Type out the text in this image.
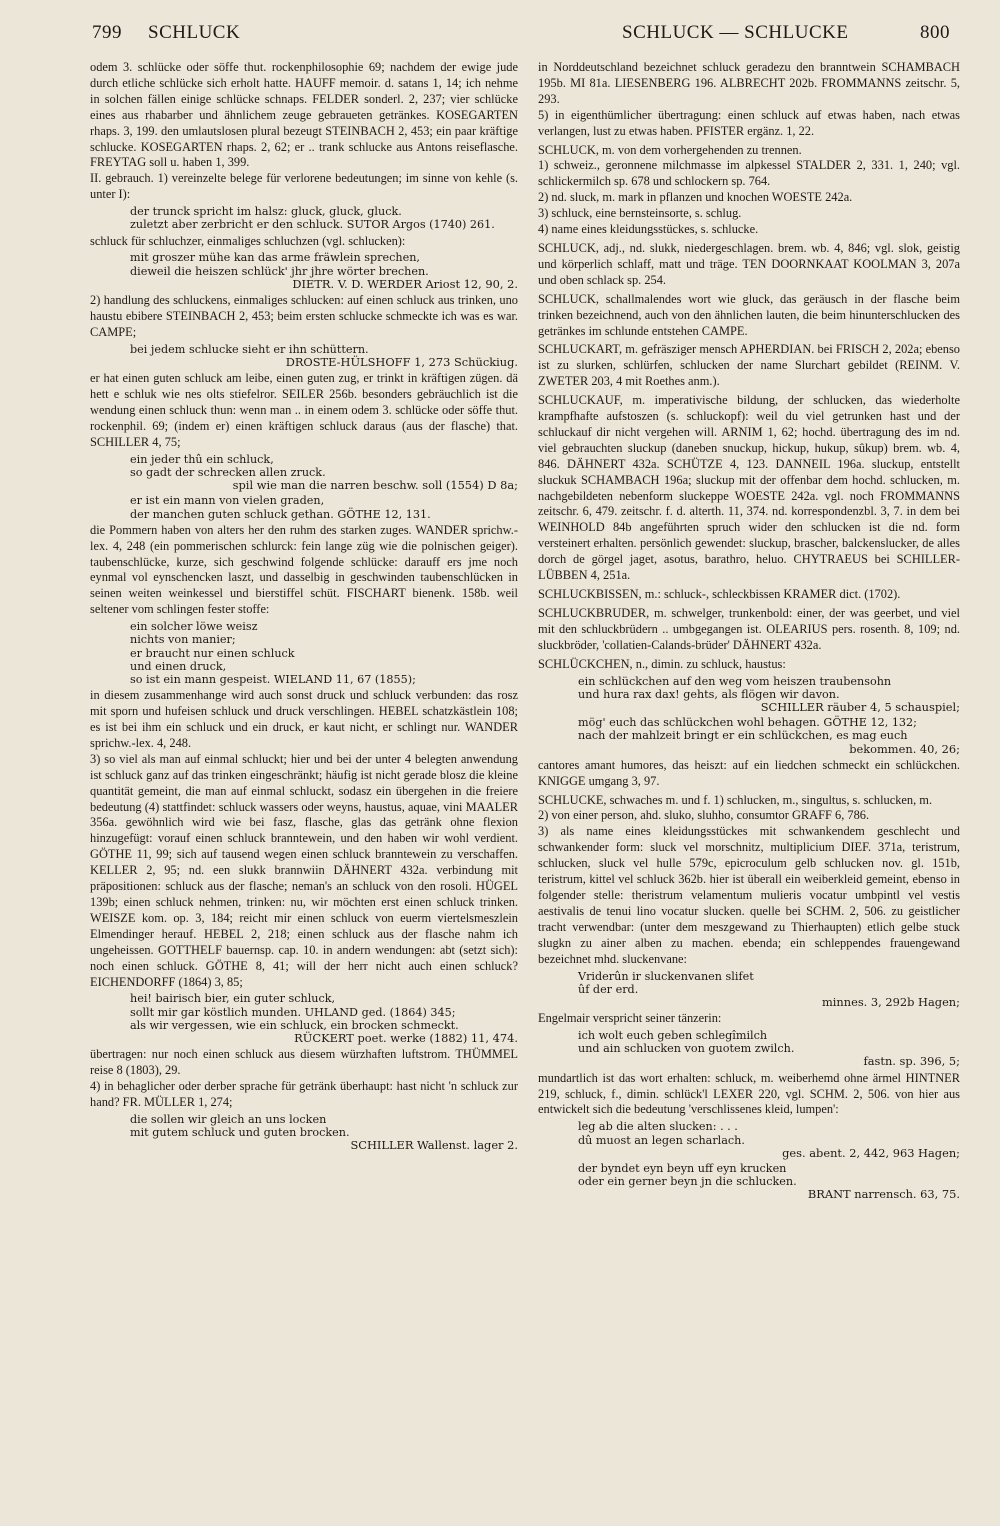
799 SCHLUCK	SCHLUCK — SCHLUCKE	800

odem 3. schlücke oder söffe thut. rockenphilosophie 69; nachdem der ewige jude durch etliche schlücke sich erholt hatte. HAUFF memoir. d. satans 1, 14; ich nehme in solchen fällen einige schlücke schnaps. FELDER sonderl. 2, 237; vier schlücke eines aus rhabarber und ähnlichem zeuge gebraueten getränkes. KOSEGARTEN rhaps. 3, 199. den umlautslosen plural bezeugt STEINBACH 2, 453; ein paar kräftige schlucke. KOSEGARTEN rhaps. 2, 62; er .. trank schlucke aus Antons reiseflasche. FREYTAG soll u. haben 1, 399.

II. gebrauch. 1) vereinzelte belege für verlorene bedeutungen; im sinne von kehle (s. unter I):

der trunck spricht im halsz: gluck, gluck, gluck.
zuletzt aber zerbricht er den schluck. SUTOR Argos (1740) 261.

schluck für schluchzer, einmaliges schluchzen (vgl. schlucken):

mit groszer mühe kan das arme fräwlein sprechen,
dieweil die heiszen schlück' jhr jhre wörter brechen.
DIETR. V. D. WERDER Ariost 12, 90, 2.

2) handlung des schluckens, einmaliges schlucken: auf einen schluck aus trinken, uno haustu ebibere STEINBACH 2, 453; beim ersten schlucke schmeckte ich was es war. CAMPE;

bei jedem schlucke sieht er ihn schüttern.
DROSTE-HÜLSHOFF 1, 273 Schückiug.

er hat einen guten schluck am leibe, einen guten zug, er trinkt in kräftigen zügen. dä hett e schluk wie nes olts stiefelror. SEILER 256b. besonders gebräuchlich ist die wendung einen schluck thun: wenn man .. in einem odem 3. schlücke oder söffe thut. rockenphil. 69; (indem er) einen kräftigen schluck daraus (aus der flasche) that. SCHILLER 4, 75;

ein jeder thû ein schluck,
so gadt der schrecken allen zruck.
spil wie man die narren beschw. soll (1554) D 8a;
er ist ein mann von vielen graden,
der manchen guten schluck gethan. GÖTHE 12, 131.

die Pommern haben von alters her den ruhm des starken zuges. WANDER sprichw.-lex. 4, 248 (ein pommerischen schlurck: fein lange züg wie die polnischen geiger). taubenschlücke, kurze, sich geschwind folgende schlücke: darauff ers jme noch eynmal vol eynschencken laszt, und dasselbig in geschwinden taubenschlücken in seinen weiten weinkessel und bierstiffel schüt. FISCHART bienenk. 158b. weil seltener vom schlingen fester stoffe:

ein solcher löwe weisz
nichts von manier;
er braucht nur einen schluck
und einen druck,
so ist ein mann gespeist. WIELAND 11, 67 (1855);

in diesem zusammenhange wird auch sonst druck und schluck verbunden: das rosz mit sporn und hufeisen schluck und druck verschlingen. HEBEL schatzkästlein 108; es ist bei ihm ein schluck und ein druck, er kaut nicht, er schlingt nur. WANDER sprichw.-lex. 4, 248.

3) so viel als man auf einmal schluckt; hier und bei der unter 4 belegten anwendung ist schluck ganz auf das trinken eingeschränkt; häufig ist nicht gerade blosz die kleine quantität gemeint, die man auf einmal schluckt, sodasz ein übergehen in die freiere bedeutung (4) stattfindet: schluck wassers oder weyns, haustus, aquae, vini MAALER 356a. gewöhnlich wird wie bei fasz, flasche, glas das getränk ohne flexion hinzugefügt: vorauf einen schluck branntewein, und den haben wir wohl verdient. GÖTHE 11, 99; sich auf tausend wegen einen schluck branntewein zu verschaffen. KELLER 2, 95; nd. een slukk brannwiin DÄHNERT 432a. verbindung mit präpositionen: schluck aus der flasche; neman's an schluck von den rosoli. HÜGEL 139b; einen schluck nehmen, trinken: nu, wir möchten erst einen schluck trinken. WEISZE kom. op. 3, 184; reicht mir einen schluck von euerm viertelsmeszlein Elmendinger herauf. HEBEL 2, 218; einen schluck aus der flasche nahm ich ungeheissen. GOTTHELF bauernsp. cap. 10. in andern wendungen: abt (setzt sich): noch einen schluck. GÖTHE 8, 41; will der herr nicht auch einen schluck? EICHENDORFF (1864) 3, 85;

hei! bairisch bier, ein guter schluck,
sollt mir gar köstlich munden. UHLAND ged. (1864) 345;
als wir vergessen, wie ein schluck, ein brocken schmeckt.
RÜCKERT poet. werke (1882) 11, 474.

übertragen: nur noch einen schluck aus diesem würzhaften luftstrom. THÜMMEL reise 8 (1803), 29.

4) in behaglicher oder derber sprache für getränk überhaupt: hast nicht 'n schluck zur hand? FR. MÜLLER 1, 274;

die sollen wir gleich an uns locken
mit gutem schluck und guten brocken.
SCHILLER Wallenst. lager 2.

in Norddeutschland bezeichnet schluck geradezu den branntwein SCHAMBACH 195b. MI 81a. LIESENBERG 196. ALBRECHT 202b. FROMMANNS zeitschr. 5, 293.

5) in eigenthümlicher übertragung: einen schluck auf etwas haben, nach etwas verlangen, lust zu etwas haben. PFISTER ergänz. 1, 22.

SCHLUCK, m. von dem vorhergehenden zu trennen.

1) schweiz., geronnene milchmasse im alpkessel STALDER 2, 331. 1, 240; vgl. schlickermilch sp. 678 und schlockern sp. 764.

2) nd. sluck, m. mark in pflanzen und knochen WOESTE 242a.

3) schluck, eine bernsteinsorte, s. schlug.

4) name eines kleidungsstückes, s. schlucke.

SCHLUCK, adj., nd. slukk, niedergeschlagen. brem. wb. 4, 846; vgl. slok, geistig und körperlich schlaff, matt und träge. TEN DOORNKAAT KOOLMAN 3, 207a und oben schlack sp. 254.

SCHLUCK, schallmalendes wort wie gluck, das geräusch in der flasche beim trinken bezeichnend, auch von den ähnlichen lauten, die beim hinunterschlucken des getränkes im schlunde entstehen CAMPE.

SCHLUCKART, m. gefräsziger mensch APHERDIAN. bei FRISCH 2, 202a; ebenso ist zu slurken, schlürfen, schlucken der name Slurchart gebildet (REINM. V. ZWETER 203, 4 mit Roethes anm.).

SCHLUCKAUF, m. imperativische bildung, der schlucken, das wiederholte krampfhafte aufstoszen (s. schluckopf): weil du viel getrunken hast und der schluckauf dir nicht vergehen will. ARNIM 1, 62; hochd. übertragung des im nd. viel gebrauchten sluckup (daneben snuckup, hickup, hukup, sûkup) brem. wb. 4, 846. DÄHNERT 432a. SCHÜTZE 4, 123. DANNEIL 196a. sluckup, entstellt sluckuk SCHAMBACH 196a; sluckup mit der offenbar dem hochd. schlucken, m. nachgebildeten nebenform sluckeppe WOESTE 242a. vgl. noch FROMMANNS zeitschr. 6, 479. zeitschr. f. d. alterth. 11, 374. nd. korrespondenzbl. 3, 7. in dem bei WEINHOLD 84b angeführten spruch wider den schlucken ist die nd. form versteinert erhalten. persönlich gewendet: sluckup, brascher, balckenslucker, de alles dorch de görgel jaget, asotus, barathro, heluo. CHYTRAEUS bei SCHILLER-LÜBBEN 4, 251a.

SCHLUCKBISSEN, m.: schluck-, schleckbissen KRAMER dict. (1702).

SCHLUCKBRUDER, m. schwelger, trunkenbold: einer, der was geerbet, und viel mit den schluckbrüdern .. umbgegangen ist. OLEARIUS pers. rosenth. 8, 109; nd. sluckbröder, 'collatien-Calands-brüder' DÄHNERT 432a.

SCHLÜCKCHEN, n., dimin. zu schluck, haustus:

ein schlückchen auf den weg vom heiszen traubensohn
und hura rax dax! gehts, als flögen wir davon.
SCHILLER räuber 4, 5 schauspiel;
mög' euch das schlückchen wohl behagen. GÖTHE 12, 132;
nach der mahlzeit bringt er ein schlückchen, es mag euch
bekommen. 40, 26;

cantores amant humores, das heiszt: auf ein liedchen schmeckt ein schlückchen. KNIGGE umgang 3, 97.

SCHLUCKE, schwaches m. und f. 1) schlucken, m., singultus, s. schlucken, m.

2) von einer person, ahd. sluko, sluhho, consumtor GRAFF 6, 786.

3) als name eines kleidungsstückes mit schwankendem geschlecht und schwankender form: sluck vel morschnitz, multiplicium DIEF. 371a, teristrum, schlucken, sluck vel hulle 579c, epicroculum gelb schlucken nov. gl. 151b, teristrum, kittel vel schluck 362b. hier ist überall ein weiberkleid gemeint, ebenso in folgender stelle: theristrum velamentum mulieris vocatur umbpintl vel vestis aestivalis de tenui lino vocatur slucken. quelle bei SCHM. 2, 506. zu geistlicher tracht verwendbar: (unter dem meszgewand zu Thierhaupten) etlich gelbe stuck slugkn zu ainer alben zu machen. ebenda; ein schleppendes frauengewand bezeichnet mhd. sluckenvane:

Vriderûn ir sluckenvanen slifet
ûf der erd.
minnes. 3, 292b Hagen;

Engelmair verspricht seiner tänzerin:

ich wolt euch geben schlegîmilch
und ain schlucken von guotem zwilch.
fastn. sp. 396, 5;

mundartlich ist das wort erhalten: schluck, m. weiberhemd ohne ärmel HINTNER 219, schluck, f., dimin. schlück'l LEXER 220, vgl. SCHM. 2, 506. von hier aus entwickelt sich die bedeutung 'verschlissenes kleid, lumpen':

leg ab die alten slucken: . . .
dû muost an legen scharlach.
ges. abent. 2, 442, 963 Hagen;
der byndet eyn beyn uff eyn krucken
oder ein gerner beyn jn die schlucken.
BRANT narrensch. 63, 75.
